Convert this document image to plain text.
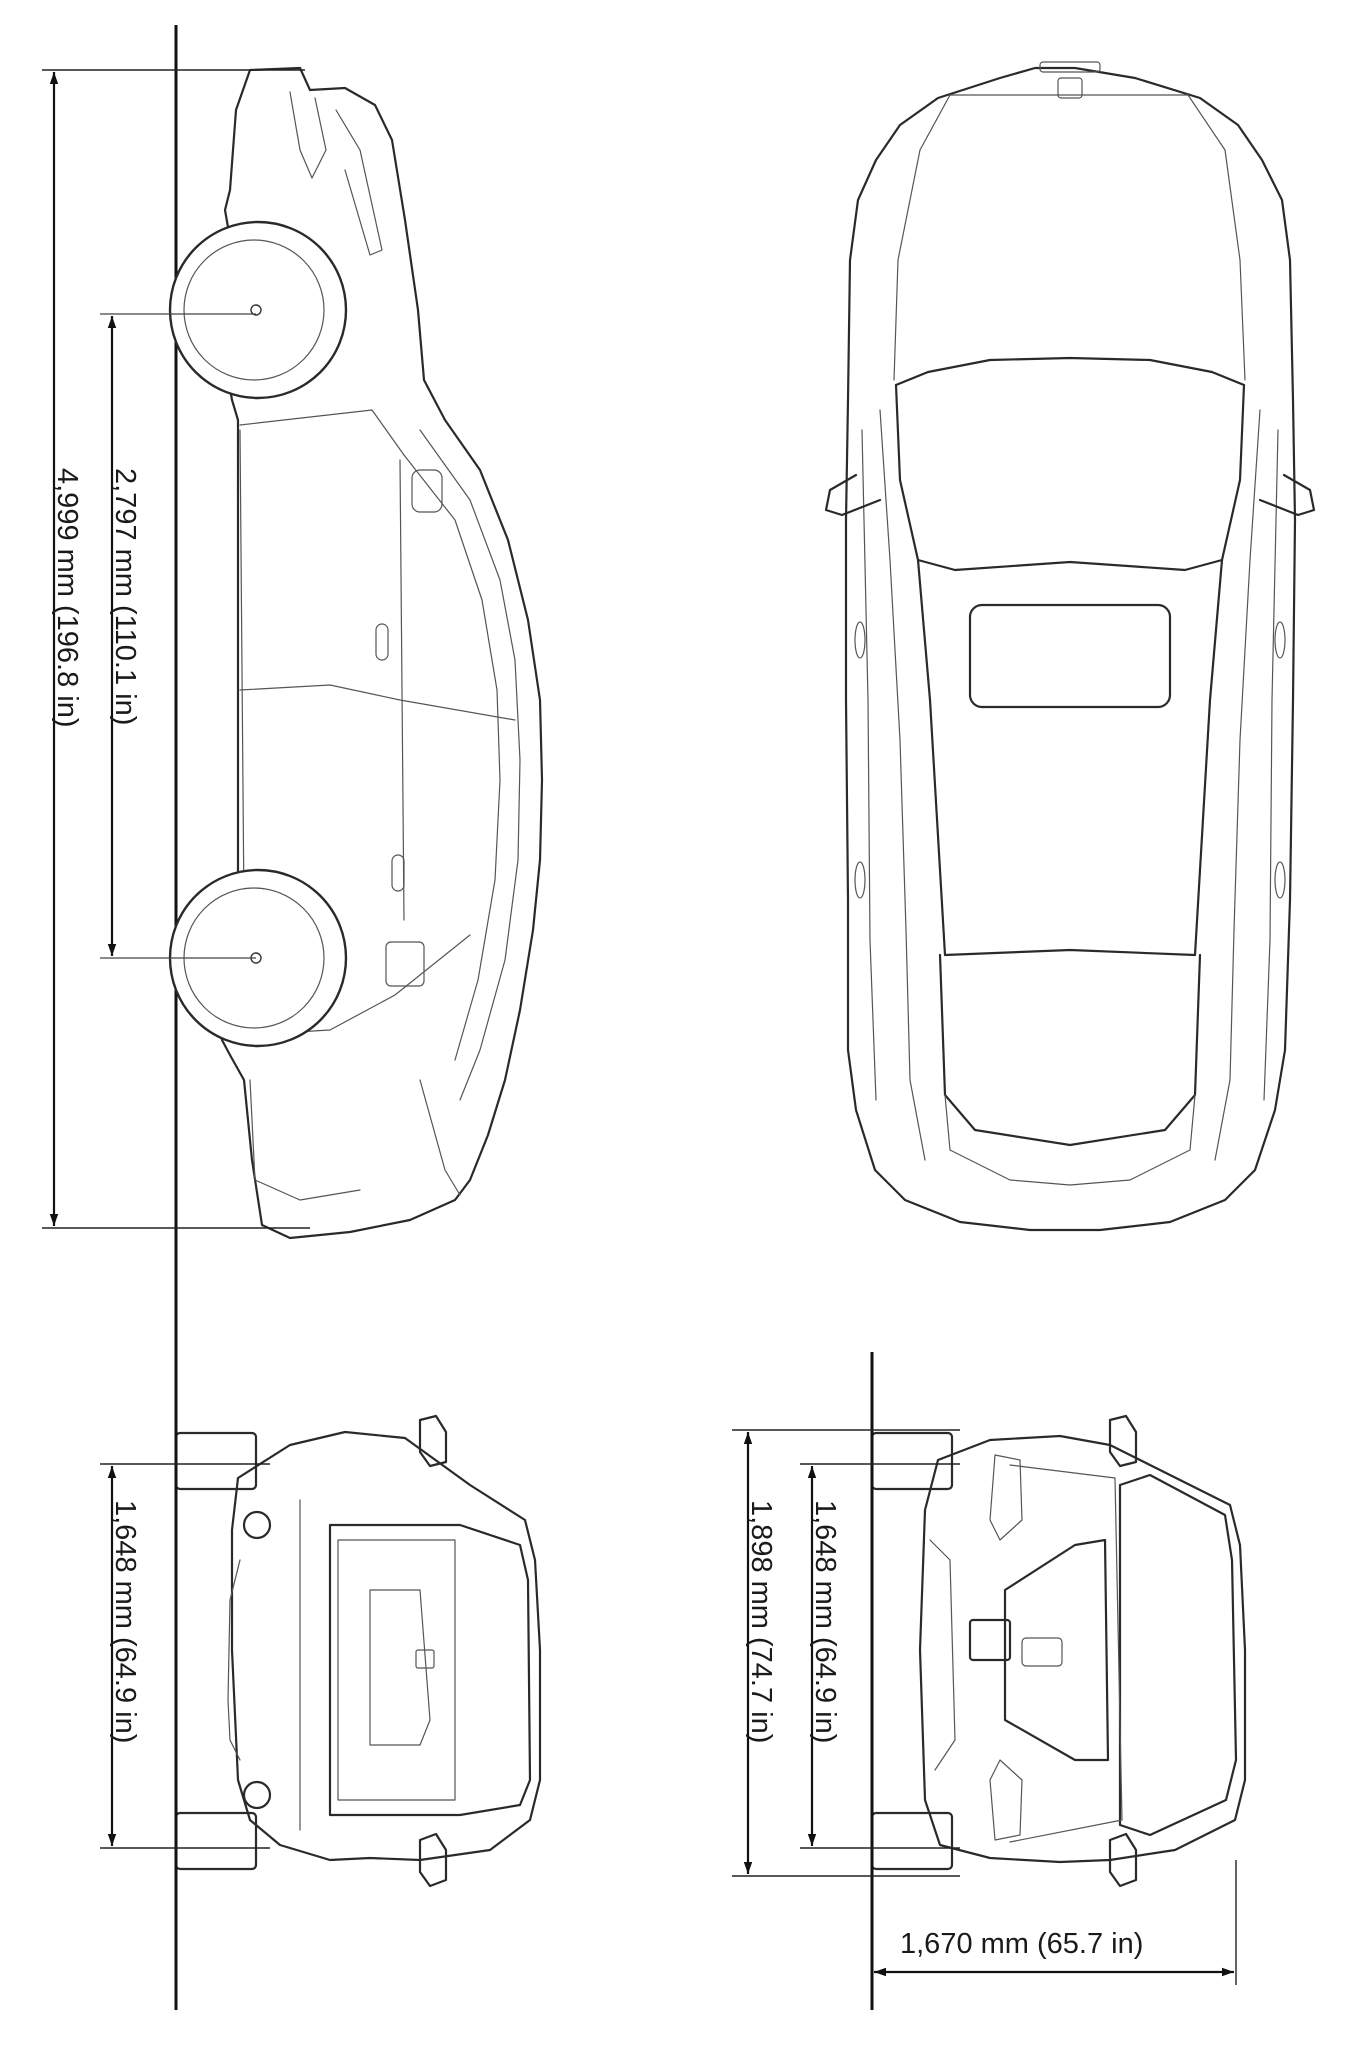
4,999 mm (196.8 in) 2,797 mm (110.1 in)
1,648 mm (64.9 in)	1,898 mm (74.7 in) 1,648 mm (64.9 in)
1,670 mm (65.7 in)
